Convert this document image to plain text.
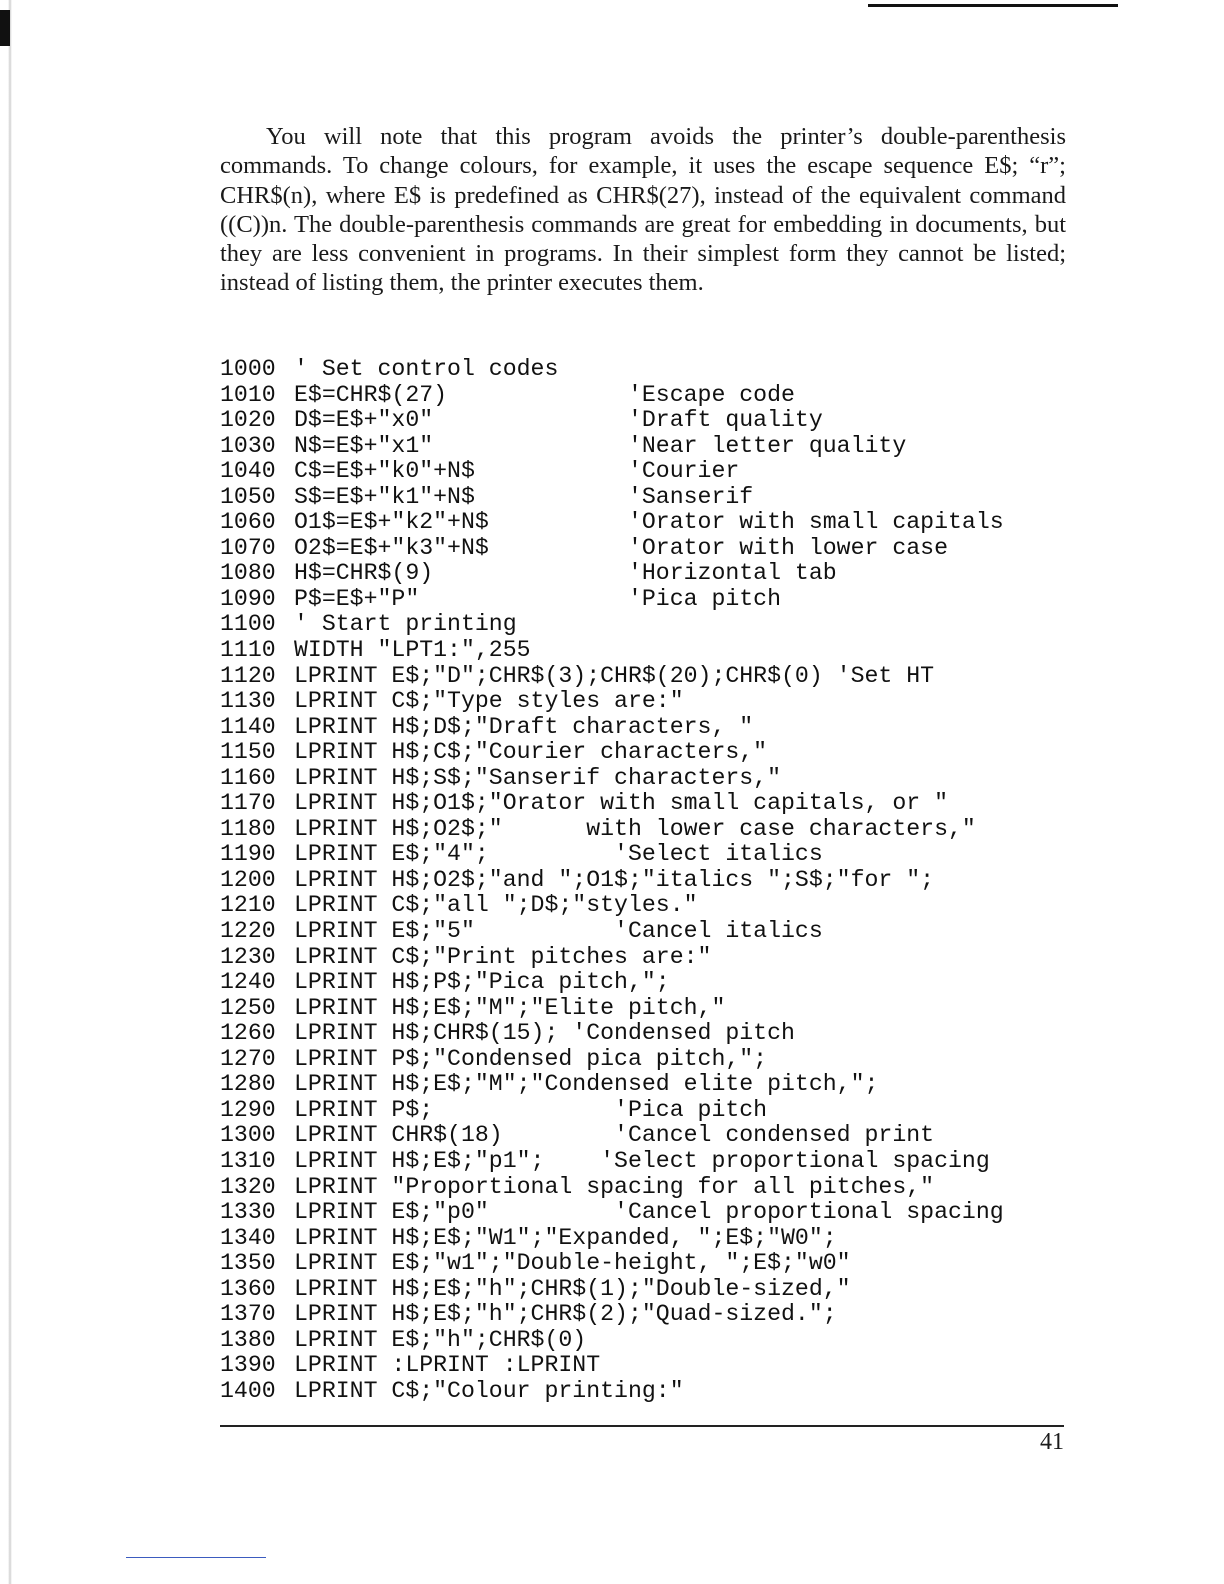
You will note that this program avoids the printer’s double-parenthesis commands. To change colours, for example, it uses the escape sequence E$; “r”; CHR$(n), where E$ is predefined as CHR$(27), instead of the equivalent command ((C))n. The double-parenthesis commands are great for embedding in documents, but they are less convenient in programs. In their simplest form they cannot be listed; instead of listing them, the printer executes them.

1000 ' Set control codes
1010 E$=CHR$(27)             'Escape code
1020 D$=E$+"x0"              'Draft quality
1030 N$=E$+"x1"              'Near letter quality
1040 C$=E$+"k0"+N$           'Courier
1050 S$=E$+"k1"+N$           'Sanserif
1060 O1$=E$+"k2"+N$          'Orator with small capitals
1070 O2$=E$+"k3"+N$          'Orator with lower case
1080 H$=CHR$(9)              'Horizontal tab
1090 P$=E$+"P"               'Pica pitch
1100 ' Start printing
1110 WIDTH "LPT1:",255
1120 LPRINT E$;"D";CHR$(3);CHR$(20);CHR$(0) 'Set HT
1130 LPRINT C$;"Type styles are:"
1140 LPRINT H$;D$;"Draft characters, "
1150 LPRINT H$;C$;"Courier characters,"
1160 LPRINT H$;S$;"Sanserif characters,"
1170 LPRINT H$;O1$;"Orator with small capitals, or "
1180 LPRINT H$;O2$;"      with lower case characters,"
1190 LPRINT E$;"4";         'Select italics
1200 LPRINT H$;O2$;"and ";O1$;"italics ";S$;"for ";
1210 LPRINT C$;"all ";D$;"styles."
1220 LPRINT E$;"5"          'Cancel italics
1230 LPRINT C$;"Print pitches are:"
1240 LPRINT H$;P$;"Pica pitch,";
1250 LPRINT H$;E$;"M";"Elite pitch,"
1260 LPRINT H$;CHR$(15); 'Condensed pitch
1270 LPRINT P$;"Condensed pica pitch,";
1280 LPRINT H$;E$;"M";"Condensed elite pitch,";
1290 LPRINT P$;             'Pica pitch
1300 LPRINT CHR$(18)        'Cancel condensed print
1310 LPRINT H$;E$;"p1";    'Select proportional spacing
1320 LPRINT "Proportional spacing for all pitches,"
1330 LPRINT E$;"p0"         'Cancel proportional spacing
1340 LPRINT H$;E$;"W1";"Expanded, ";E$;"W0";
1350 LPRINT E$;"w1";"Double-height, ";E$;"w0"
1360 LPRINT H$;E$;"h";CHR$(1);"Double-sized,"
1370 LPRINT H$;E$;"h";CHR$(2);"Quad-sized.";
1380 LPRINT E$;"h";CHR$(0)
1390 LPRINT :LPRINT :LPRINT
1400 LPRINT C$;"Colour printing:"
41
